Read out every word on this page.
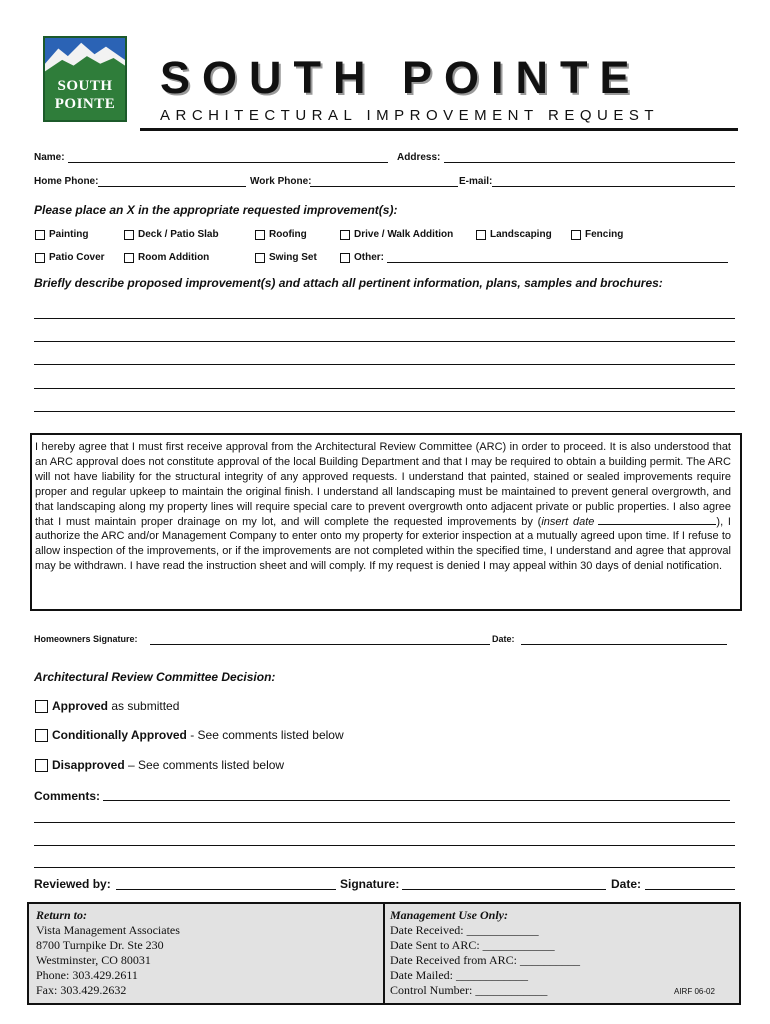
SOUTH
POINTE
SOUTH POINTE
ARCHITECTURAL IMPROVEMENT REQUEST
Name:	Address:
Home Phone:	Work Phone:	E-mail:
Please place an X in the appropriate requested improvement(s):
Painting	Deck / Patio Slab	Roofing	Drive / Walk Addition	Landscaping	Fencing
Patio Cover	Room Addition	Swing Set	Other:
Briefly describe proposed improvement(s) and attach all pertinent information, plans, samples and brochures:
I hereby agree that I must first receive approval from the Architectural Review Committee (ARC) in order to proceed. It is also understood that an ARC approval does not constitute approval of the local Building Department and that I may be required to obtain a building permit. The ARC will not have liability for the structural integrity of any approved requests. I understand that painted, stained or sealed improvements require proper and regular upkeep to maintain the original finish. I understand all landscaping must be maintained to prevent general overgrowth, and that landscaping along my property lines will require special care to prevent overgrowth onto adjacent private or public properties. I also agree that I must maintain proper drainage on my lot, and will complete the requested improvements by (insert date	), I authorize the ARC and/or Management Company to enter onto my property for exterior inspection at a mutually agreed upon time. If I refuse to allow inspection of the improvements, or if the improvements are not completed within the specified time, I understand and agree that approval may be withdrawn. I have read the instruction sheet and will comply. If my request is denied I may appeal within 30 days of denial notification.
Homeowners Signature:	Date:
Architectural Review Committee Decision:
Approved as submitted
Conditionally Approved - See comments listed below
Disapproved – See comments listed below
Comments:
Reviewed by:	Signature:	Date:
Return to:
Vista Management Associates
8700 Turnpike Dr. Ste 230
Westminster, CO 80031
Phone: 303.429.2611
Fax: 303.429.2632
Management Use Only:
Date Received: ____________
Date Sent to ARC: ____________
Date Received from ARC: __________
Date Mailed: ____________
Control Number: ____________	AIRF 06-02
